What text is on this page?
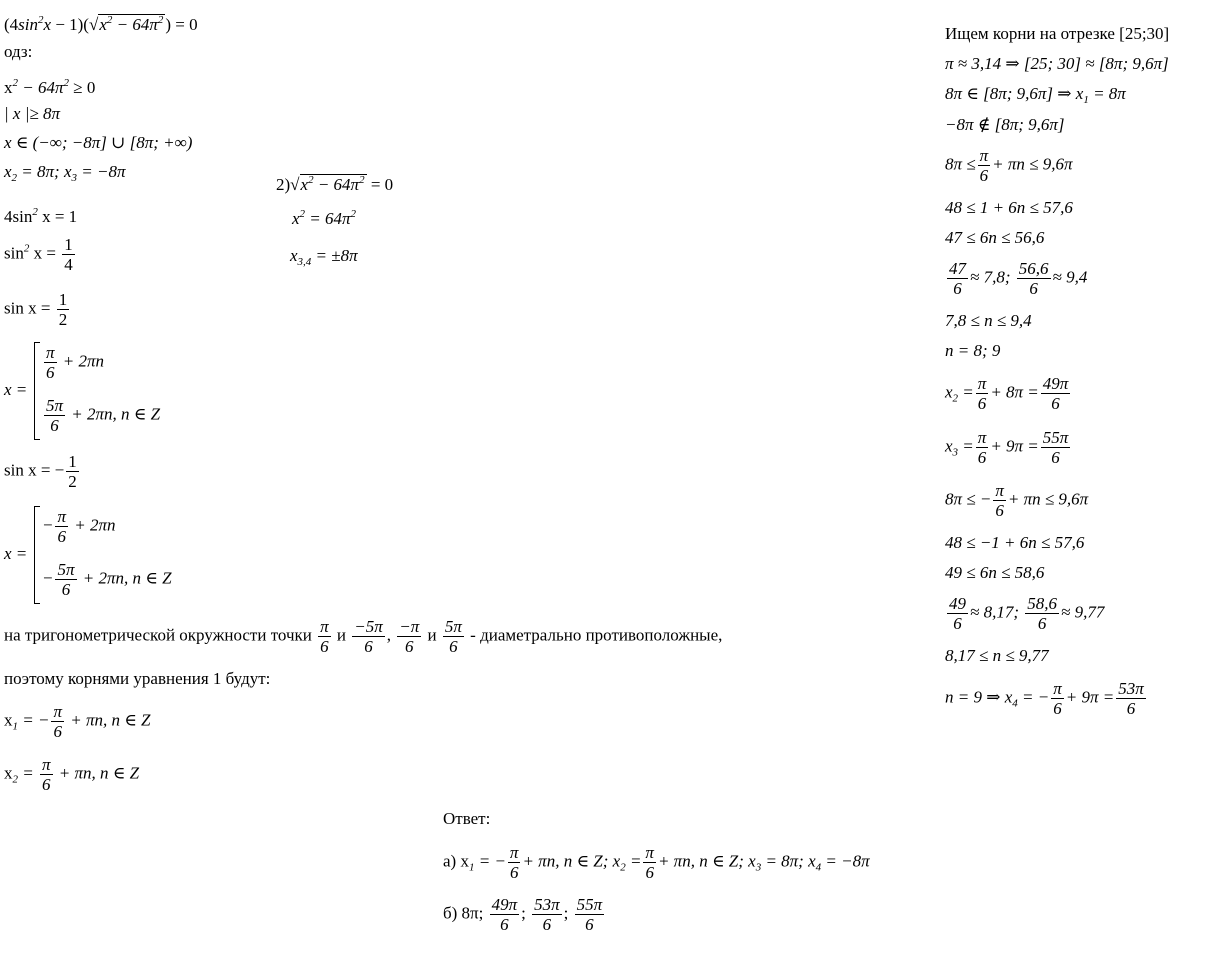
$(4\sin^2x - 1)(√x^2 - 64\pi^2$ ) = 0
одз:
$x^2 - 64\pi^2 \ge 0$
| x |≥ 8π
x ∈ (−∞; −8π] ∪ [8π; +∞)
$x_2 = 8\pi$; $x_3 = -8\pi$
$4\sin^2$ x = 1
$\sin^2 x = \frac{1}{4}$
$\sin x = \frac{1}{2}$
x =
$\frac{\pi}{6} + 2\pi n$
$\frac{5\pi}{6} + 2\pi n$, n ∈ Z
sin x = − $\frac{1}{2}$
x =
− $\frac{\pi}{6} + 2\pi n$
− $\frac{5\pi}{6} + 2\pi n$, n ∈ Z
на тригонометрической окружности точки $\frac{\pi}{6}$ и $\frac{-5\pi}{6}$ , $\frac{-\pi}{6}$ и $\frac{5\pi}{6}$ - диаметрально противоположные,
поэтому корнями уравнения 1 будут:
$x_1$ = − $\frac{\pi}{6} + \pi n$, n ∈ Z
$x_2 = \frac{\pi}{6} + \pi n$, n ∈ Z
$2)√x^2 - 64\pi^2 = 0$
$x^2 = 64\pi^2$
$x_{3,4} = \pm 8\pi$
Ищем корни на отрезке [25;30]
π ≈ 3,14 ⇒ [25; 30] ≈ [8π; 9,6π]
8π ∈ [8π; 9,6π] ⇒ $x_1 = 8\pi$
−8π ∉ [8π; 9,6π]
$8\pi \le \frac{\pi}{6} + \pi n \le 9,6\pi$
48 ≤ 1 + 6n ≤ 57,6
47 ≤ 6n ≤ 56,6
$\frac{47}{6} \approx 7,8$; $\frac{56,6}{6} \approx 9,4$
7,8 ≤ n ≤ 9,4
n = 8; 9
$x_2 = \frac{\pi}{6} + 8\pi = \frac{49\pi}{6}$
$x_3 = \frac{\pi}{6} + 9\pi = \frac{55\pi}{6}$
8π ≤ − $\frac{\pi}{6} + \pi n \le 9,6\pi$
48 ≤ −1 + 6n ≤ 57,6
49 ≤ 6n ≤ 58,6
$\frac{49}{6} \approx 8,17$; $\frac{58,6}{6} \approx 9,77$
8,17 ≤ n ≤ 9,77
n = 9 ⇒ $x_4$ = − $\frac{\pi}{6} + 9\pi = \frac{53\pi}{6}$
Ответ:
а) $x_1$ = − $\frac{\pi}{6} + \pi n$, n ∈ Z; $x_2 = \frac{\pi}{6} + \pi n$, n ∈ Z; $x_3 = 8\pi$; $x_4 = -8\pi$
б) 8π; $\frac{49\pi}{6}$ ; $\frac{53\pi}{6}$ ; $\frac{55\pi}{6}$
